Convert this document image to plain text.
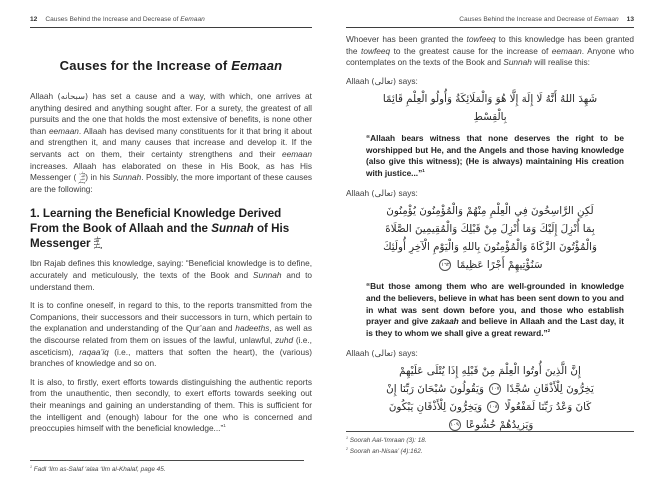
12 Causes Behind the Increase and Decrease of Eemaan
Causes for the Increase of Eemaan

Allaah (سبحانه) has set a cause and a way, with which, one arrives at anything desired and anything sought after. For a surety, the greatest of all pursuits and the one that holds the most extensive of benefits, is none other than eemaan. Allaah has devised many constituents for it that bring it about and strengthen it, and many causes that increase and develop it. If the servants act on them, their certainty strengthens and their eemaan increases. Allaah has elaborated on these in His Book, as has His Messenger ( صلى الله عليه وسلم) in his Sunnah. Possibly, the more important of these causes are the following:

1. Learning the Beneficial Knowledge Derived From the Book of Allaah and the Sunnah of His Messenger صلى الله عليه وسلم

Ibn Rajab defines this knowledge, saying: “Beneficial knowledge is to define, accurately and meticulously, the texts of the Book and Sunnah and to understand them.

It is to confine oneself, in regard to this, to the reports transmitted from the Companions, their successors and their successors in turn, which pertain to the explanation and understanding of the Qur’aan and hadeeths, as well as the discourse related from them on issues of the lawful, unlawful, zuhd (i.e., asceticism), raqaa’iq (i.e., matters that soften the heart), the (various) branches of knowledge and so on.

It is also, to firstly, exert efforts towards distinguishing the authentic reports from the unauthentic, then secondly, to exert efforts towards seeking out their meanings and gaining an understanding of them. This is sufficient for the intelligent and (enough) labour for the one who is concerned and preoccupies himself with the beneficial knowledge...”$^1$

$^1$ Fadl ‘Ilm as-Salaf ‘alaa ‘Ilm al-Khalaf, page 45.
Causes Behind the Increase and Decrease of Eemaan 13

Whoever has been granted the towfeeq to this knowledge has been granted the towfeeq to the greatest cause for the increase of eemaan. Anyone who contemplates on the texts of the Book and Sunnah will realise this:

Allaah (تعالى) says:
شَهِدَ اللهُ أَنَّهُ لَا إِلَهَ إِلَّا هُوَ وَالْمَلَائِكَةُ وَأُولُو الْعِلْمِ قَائِمًا بِالْقِسْطِ
“Allaah bears witness that none deserves the right to be worshipped but He, and the Angels and those having knowledge (also give this witness); (He is always) maintaining His creation with justice...”$^1$
Allaah (تعالى) says:
لَكِنِ الرَّاسِخُونَ فِي الْعِلْمِ مِنْهُمْ وَالْمُؤْمِنُونَ يُؤْمِنُونَ بِمَا أُنْزِلَ إِلَيْكَ وَمَا أُنْزِلَ مِنْ قَبْلِكَ وَالْمُقِيمِينَ الصَّلَاةَ وَالْمُؤْتُونَ الزَّكَاةَ وَالْمُؤْمِنُونَ بِاللهِ وَالْيَوْمِ الْآخِرِ أُولَئِكَ سَنُؤْتِيهِمْ أَجْرًا عَظِيمًا ١٦٢
“But those among them who are well-grounded in knowledge and the believers, believe in what has been sent down to you and in what was sent down before you, and those who establish prayer and give zakaah and believe in Allaah and the Last day, it is they to whom we shall give a great reward.”$^2$
Allaah (تعالى) says:
إِنَّ الَّذِينَ أُوتُوا الْعِلْمَ مِنْ قَبْلِهِ إِذَا يُتْلَى عَلَيْهِمْ يَخِرُّونَ لِلْأَذْقَانِ سُجَّدًا ١٠٧ وَيَقُولُونَ سُبْحَانَ رَبِّنَا إِنْ كَانَ وَعْدُ رَبِّنَا لَمَفْعُولًا ١٠٨ وَيَخِرُّونَ لِلْأَذْقَانِ يَبْكُونَ وَيَزِيدُهُمْ خُشُوعًا ١٠٩
$^1$ Soorah Aal-‘Imraan (3): 18.
$^2$ Soorah an-Nisaa’ (4):162.
